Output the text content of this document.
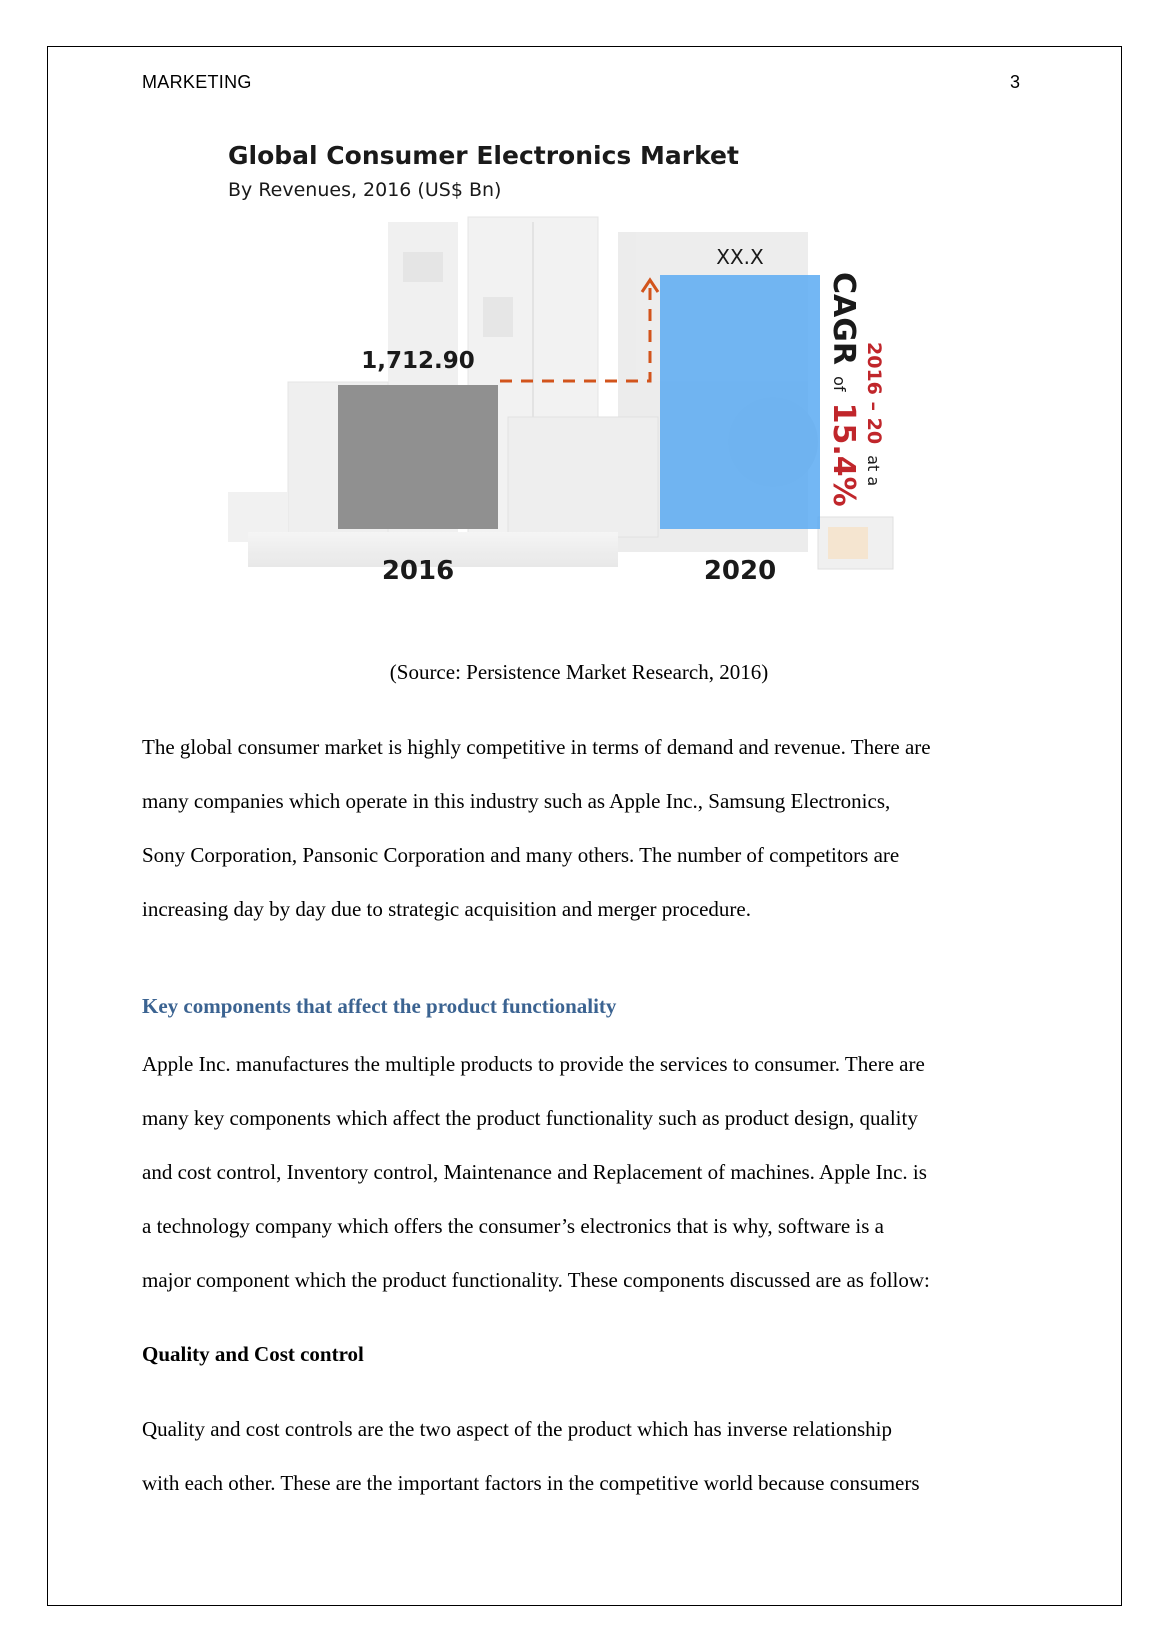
MARKETING	3
Global Consumer Electronics Market
By Revenues, 2016 (US$ Bn)
1,712.90
XX.X
2016	2020
CAGR of 15.4%
2016 – 20 at a
(Source: Persistence Market Research, 2016)
The global consumer market is highly competitive in terms of demand and revenue. There are
many companies which operate in this industry such as Apple Inc., Samsung Electronics,
Sony Corporation, Pansonic Corporation and many others. The number of competitors are
increasing day by day due to strategic acquisition and merger procedure.
Key components that affect the product functionality
Apple Inc. manufactures the multiple products to provide the services to consumer. There are
many key components which affect the product functionality such as product design, quality
and cost control, Inventory control, Maintenance and Replacement of machines. Apple Inc. is
a technology company which offers the consumer’s electronics that is why, software is a
major component which the product functionality. These components discussed are as follow:
Quality and Cost control
Quality and cost controls are the two aspect of the product which has inverse relationship
with each other. These are the important factors in the competitive world because consumers
